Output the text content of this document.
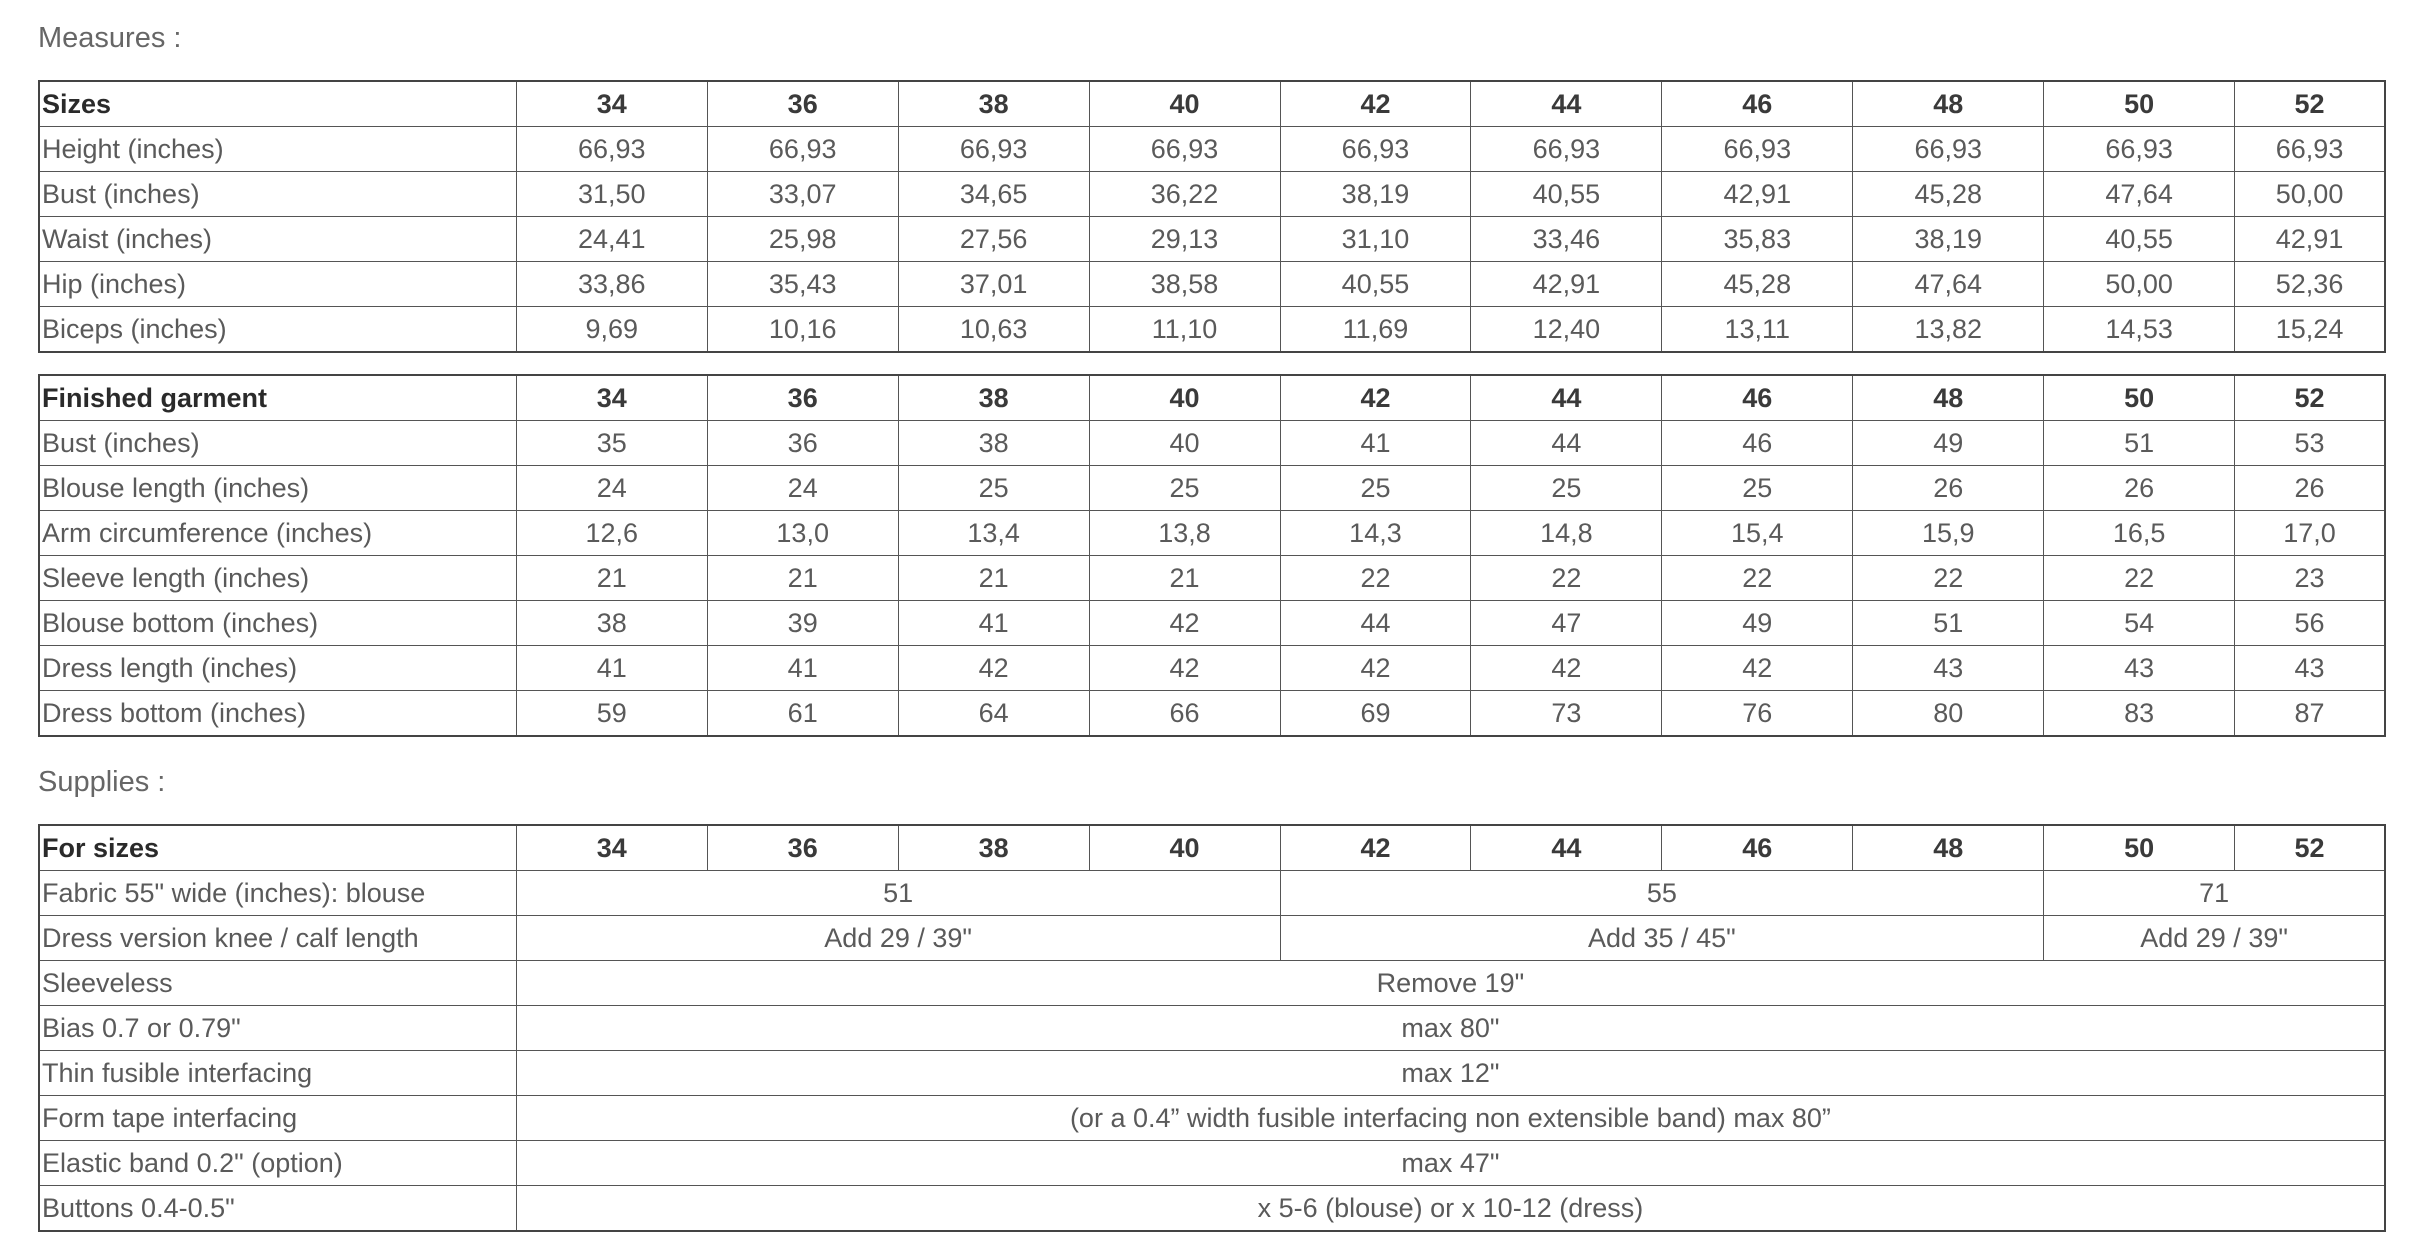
Measures :
Sizes	34	36	38	40	42	44	46	48	50	52
Height (inches)	66,93	66,93	66,93	66,93	66,93	66,93	66,93	66,93	66,93	66,93
Bust (inches)	31,50	33,07	34,65	36,22	38,19	40,55	42,91	45,28	47,64	50,00
Waist (inches)	24,41	25,98	27,56	29,13	31,10	33,46	35,83	38,19	40,55	42,91
Hip (inches)	33,86	35,43	37,01	38,58	40,55	42,91	45,28	47,64	50,00	52,36
Biceps (inches)	9,69	10,16	10,63	11,10	11,69	12,40	13,11	13,82	14,53	15,24
Finished garment	34	36	38	40	42	44	46	48	50	52
Bust (inches)	35	36	38	40	41	44	46	49	51	53
Blouse length (inches)	24	24	25	25	25	25	25	26	26	26
Arm circumference (inches)	12,6	13,0	13,4	13,8	14,3	14,8	15,4	15,9	16,5	17,0
Sleeve length (inches)	21	21	21	21	22	22	22	22	22	23
Blouse bottom (inches)	38	39	41	42	44	47	49	51	54	56
Dress length (inches)	41	41	42	42	42	42	42	43	43	43
Dress bottom (inches)	59	61	64	66	69	73	76	80	83	87
Supplies :
For sizes	34	36	38	40	42	44	46	48	50	52
Fabric 55" wide (inches): blouse	51				55				71	
Dress version knee / calf length	Add 29 / 39"				Add 35 / 45"				Add 29 / 39"	
Sleeveless	Remove 19"									
Bias 0.7 or 0.79"	max 80"									
Thin fusible interfacing	max 12"									
Form tape interfacing	(or a 0.4” width fusible interfacing non extensible band) max 80”									
Elastic band 0.2" (option)	max 47"									
Buttons 0.4-0.5"	x 5-6 (blouse) or x 10-12 (dress)									
